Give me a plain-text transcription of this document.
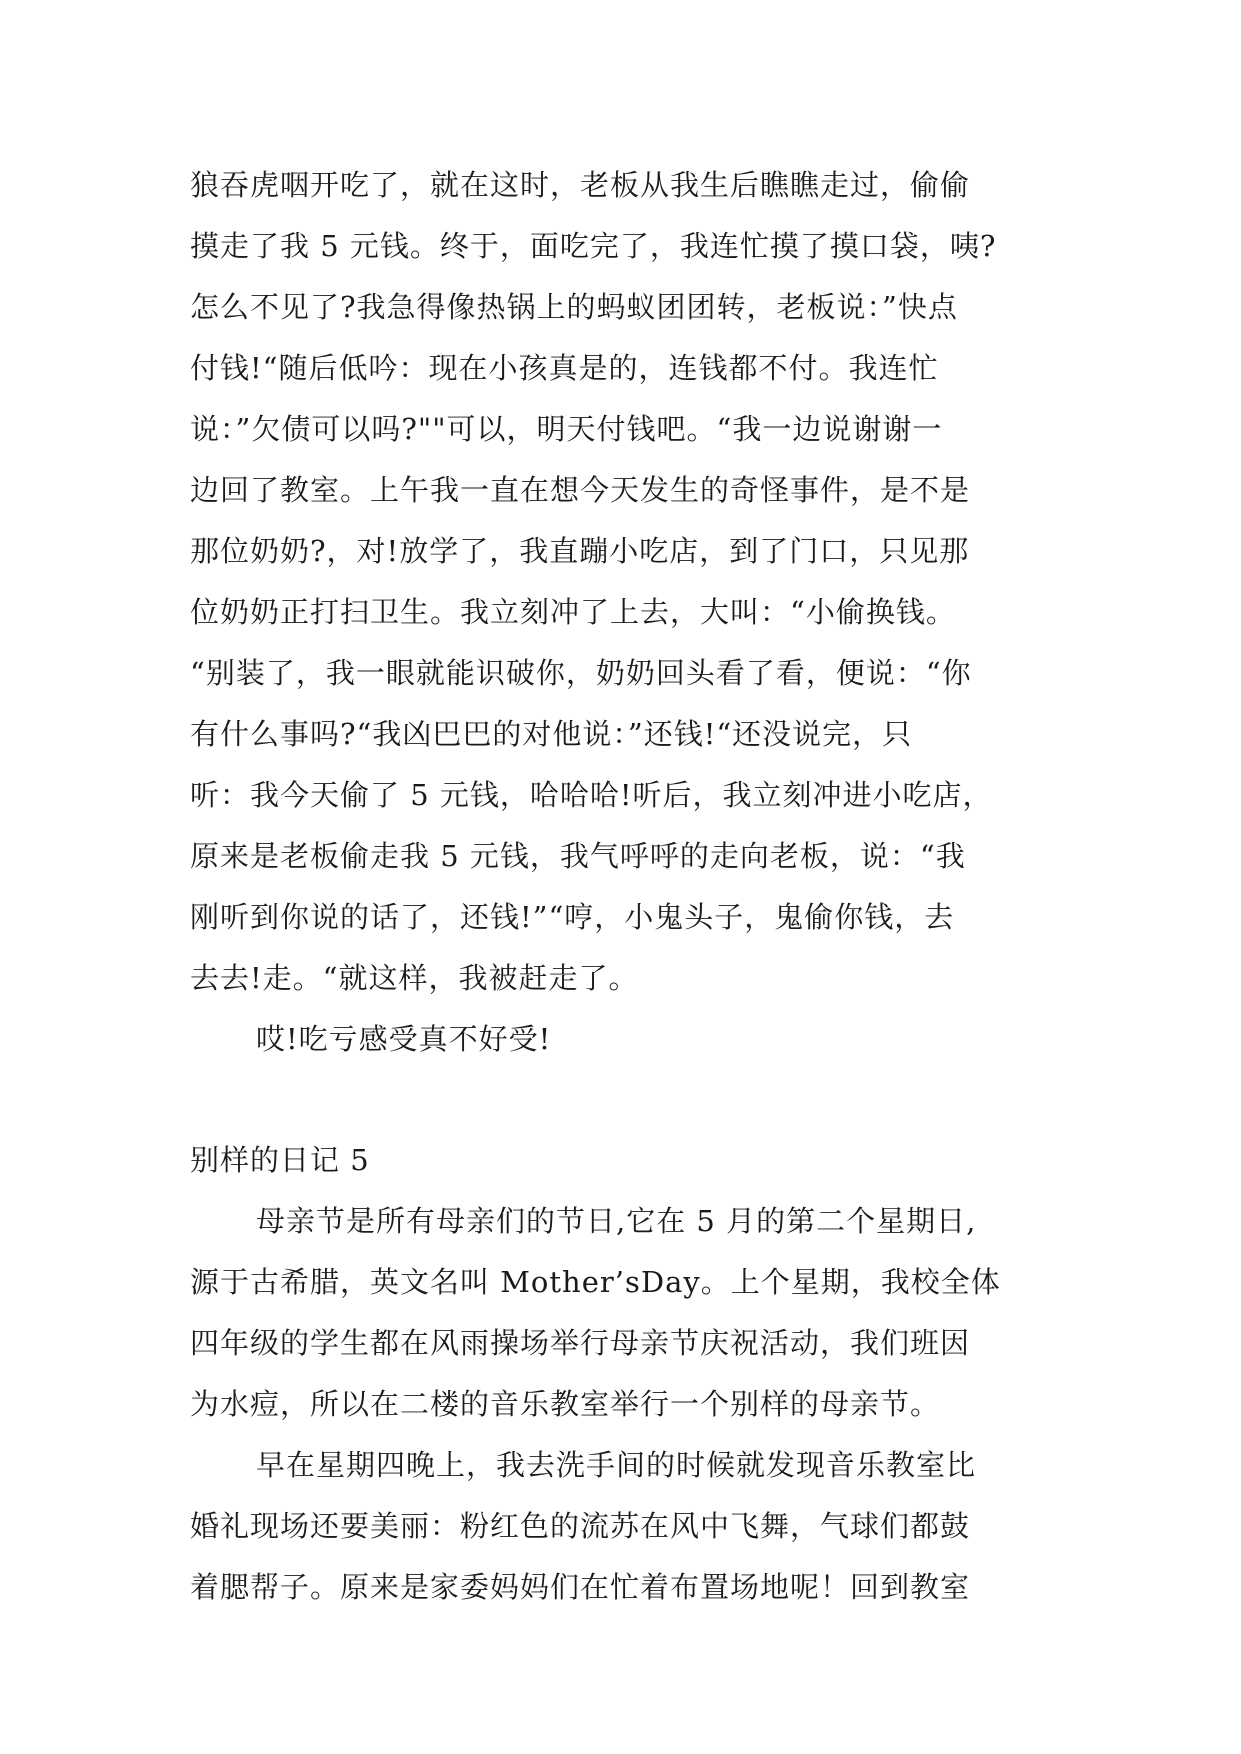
狼吞虎咽开吃了，就在这时，老板从我生后瞧瞧走过，偷偷
摸走了我 5 元钱。终于，面吃完了，我连忙摸了摸口袋，咦?
怎么不见了?我急得像热锅上的蚂蚁团团转，老板说：”快点
付钱!“随后低吟：现在小孩真是的，连钱都不付。我连忙
说：”欠债可以吗?""可以，明天付钱吧。“我一边说谢谢一
边回了教室。上午我一直在想今天发生的奇怪事件，是不是
那位奶奶?，对!放学了，我直蹦小吃店，到了门口，只见那
位奶奶正打扫卫生。我立刻冲了上去，大叫：“小偷换钱。
“别装了，我一眼就能识破你，奶奶回头看了看，便说：“你
有什么事吗?“我凶巴巴的对他说：”还钱!“还没说完，只
听：我今天偷了 5 元钱，哈哈哈!听后，我立刻冲进小吃店，
原来是老板偷走我 5 元钱，我气呼呼的走向老板，说：“我
刚听到你说的话了，还钱!”“哼，小鬼头子，鬼偷你钱，去
去去!走。“就这样，我被赶走了。
哎!吃亏感受真不好受!
别样的日记 5
母亲节是所有母亲们的节日,它在 5 月的第二个星期日,
源于古希腊，英文名叫 Mother’sDay。上个星期，我校全体
四年级的学生都在风雨操场举行母亲节庆祝活动，我们班因
为水痘，所以在二楼的音乐教室举行一个别样的母亲节。
早在星期四晚上，我去洗手间的时候就发现音乐教室比
婚礼现场还要美丽：粉红色的流苏在风中飞舞，气球们都鼓
着腮帮子。原来是家委妈妈们在忙着布置场地呢！回到教室
